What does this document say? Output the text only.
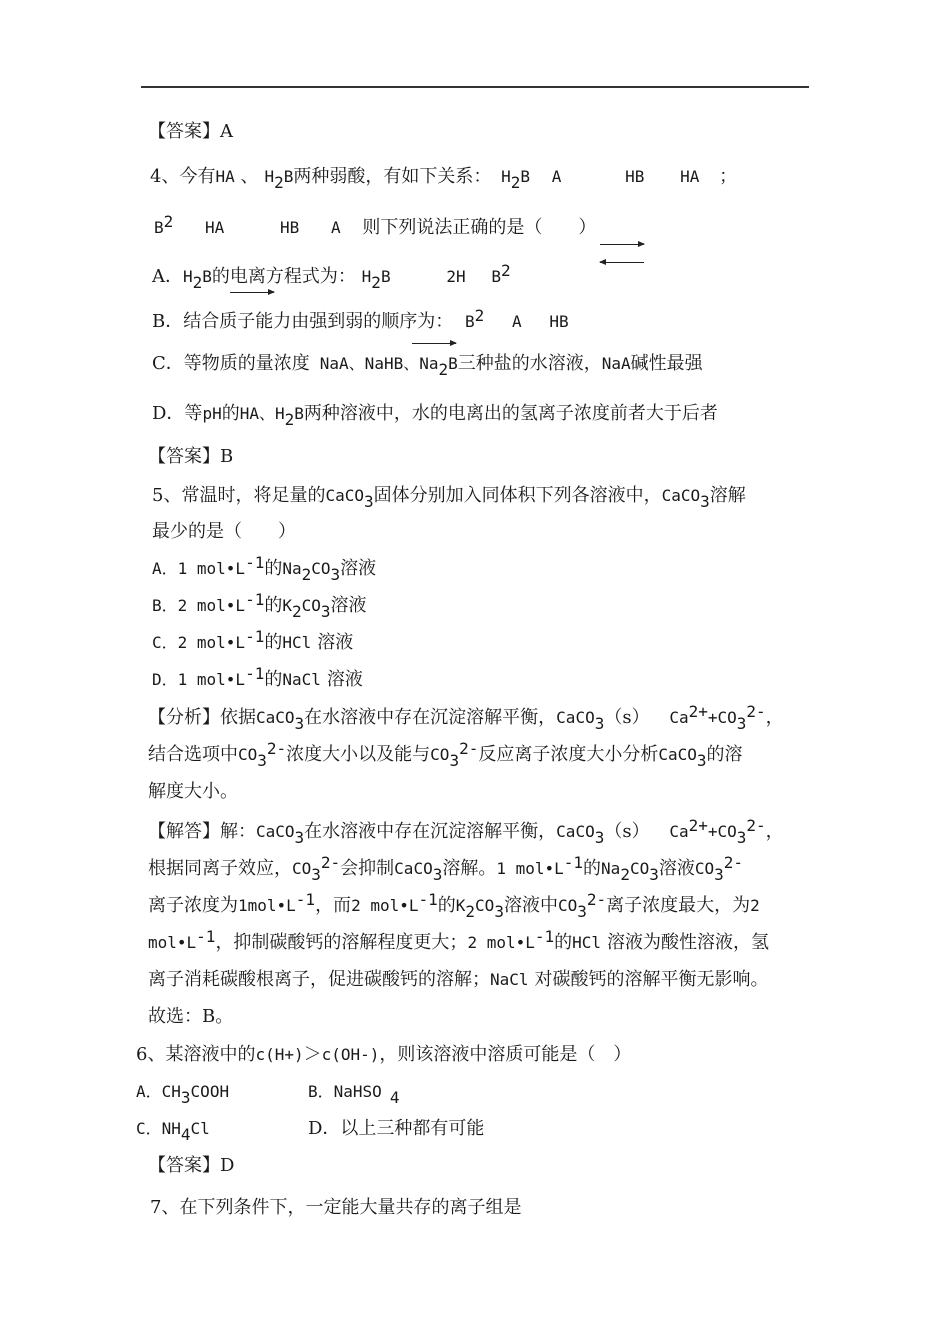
【答案】A
4、今有HA 、 $H_2B$两种弱酸，有如下关系： $H_2B$ A	HB HA ；
$B^2$ HA	HB A 则下列说法正确的是（　　）
A．$H_2B$的电离方程式为： $H_2B$	2H $B^2$
B．结合质子能力由强到弱的顺序为： $B^2$ A HB
C．等物质的量浓度 NaA、NaHB、$Na_2B$三种盐的水溶液，NaA碱性最强
D．等pH的HA、$H_2B$两种溶液中，水的电离出的氢离子浓度前者大于后者
【答案】B
5、常温时，将足量的CaCO$_3$固体分别加入同体积下列各溶液中，CaCO$_3$溶解
最少的是（　　）
A．1 $mol•L^{-1}$的$Na_2CO_3$溶液
B．2 $mol•L^{-1}$的$K_2CO_3$溶液
C．2 $mol•L^{-1}$的HCl 溶液
D．1 $mol•L^{-1}$的NaCl 溶液
【分析】依据CaCO$_3$在水溶液中存在沉淀溶解平衡，CaCO$_3$（s） $Ca^{2+}+CO_3^{2-}$，
结合选项中$CO_3^{2-}$浓度大小以及能与$CO_3^{2-}$反应离子浓度大小分析CaCO$_3$的溶
解度大小。
【解答】解：CaCO$_3$在水溶液中存在沉淀溶解平衡，CaCO$_3$（s） $Ca^{2+}+CO_3^{2-}$，
根据同离子效应，$CO_3^{2-}$会抑制CaCO$_3$溶解。1 $mol•L^{-1}$的$Na_2CO_3$溶液$CO_3^{2-}$
离子浓度为$1mol•L^{-1}$，而2 $mol•L^{-1}$的$K_2CO_3$溶液中$CO_3^{2-}$离子浓度最大，为2
$mol•L^{-1}$，抑制碳酸钙的溶解程度更大；2 $mol•L^{-1}$的HCl 溶液为酸性溶液，氢
离子消耗碳酸根离子，促进碳酸钙的溶解；NaCl 对碳酸钙的溶解平衡无影响。
故选：B。
6、某溶液中的c(H+)＞c(OH-)，则该溶液中溶质可能是（　）
A．$CH_3COOH$	B．NaHSO $_4$
C．$NH_4Cl$	D．以上三种都有可能
【答案】D
7、在下列条件下，一定能大量共存的离子组是
